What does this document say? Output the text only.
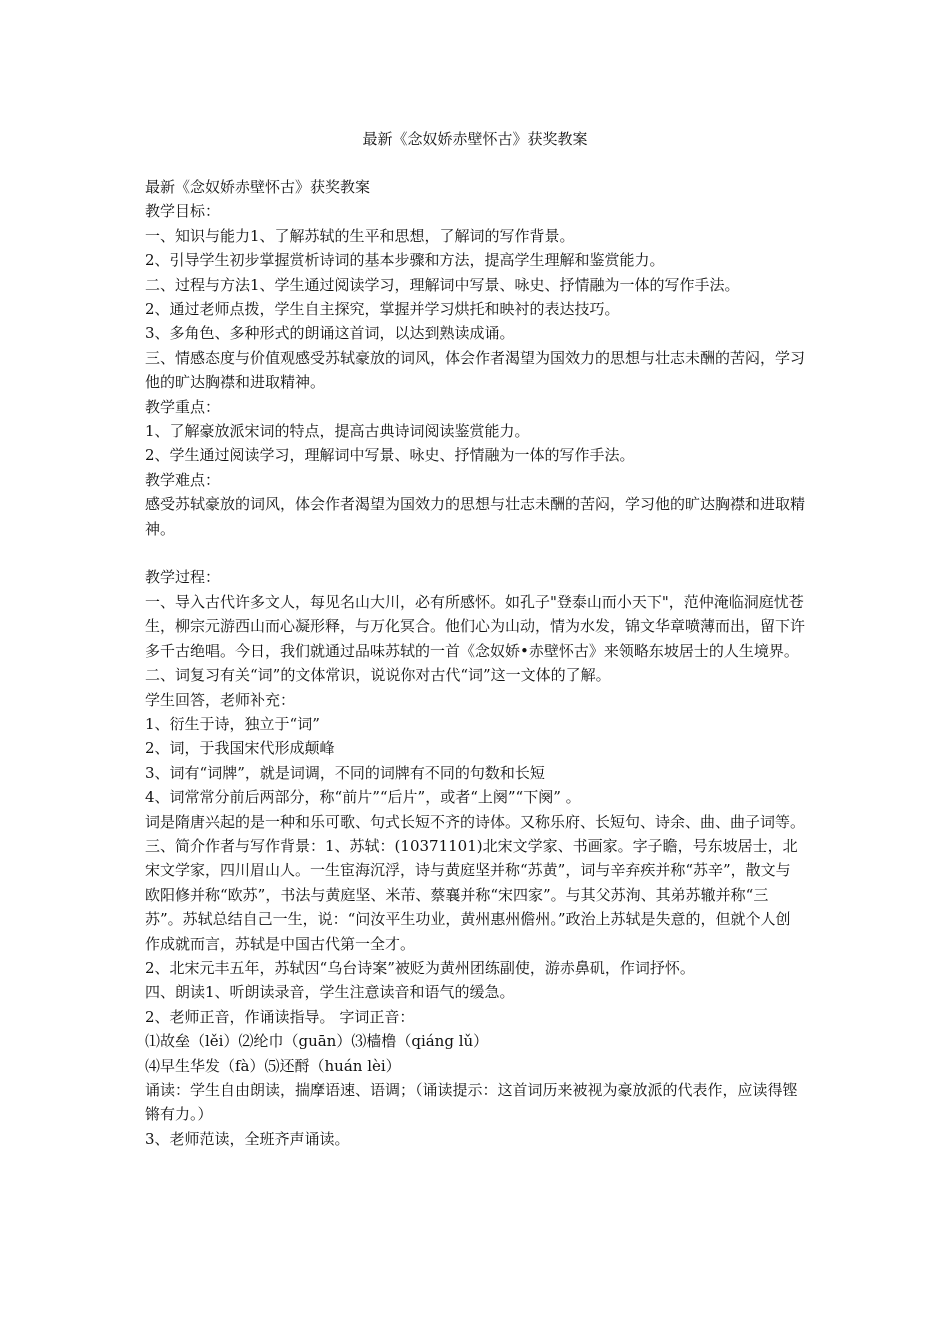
最新《念奴娇赤壁怀古》获奖教案

最新《念奴娇赤壁怀古》获奖教案

教学目标：

一、知识与能力1、了解苏轼的生平和思想，了解词的写作背景。

2、引导学生初步掌握赏析诗词的基本步骤和方法，提高学生理解和鉴赏能力。

二、过程与方法1、学生通过阅读学习，理解词中写景、咏史、抒情融为一体的写作手法。

2、通过老师点拨，学生自主探究，掌握并学习烘托和映衬的表达技巧。

3、多角色、多种形式的朗诵这首词，以达到熟读成诵。

三、情感态度与价值观感受苏轼豪放的词风，体会作者渴望为国效力的思想与壮志未酬的苦闷，学习他的旷达胸襟和进取精神。

教学重点：

1、了解豪放派宋词的特点，提高古典诗词阅读鉴赏能力。

2、学生通过阅读学习，理解词中写景、咏史、抒情融为一体的写作手法。

教学难点：

感受苏轼豪放的词风，体会作者渴望为国效力的思想与壮志未酬的苦闷，学习他的旷达胸襟和进取精神。

教学过程：

一、导入古代许多文人，每见名山大川，必有所感怀。如孔子"登泰山而小天下"，范仲淹临洞庭忧苍生，柳宗元游西山而心凝形释，与万化冥合。他们心为山动，情为水发，锦文华章喷薄而出，留下许多千古绝唱。今日，我们就通过品味苏轼的一首《念奴娇•赤壁怀古》来领略东坡居士的人生境界。

二、词复习有关“词”的文体常识，说说你对古代“词”这一文体的了解。

学生回答，老师补充：

1、衍生于诗，独立于“词”

2、词，于我国宋代形成颠峰

3、词有“词牌”，就是词调，不同的词牌有不同的句数和长短

4、词常常分前后两部分，称“前片”“后片”，或者“上阕”“下阕” 。

词是隋唐兴起的是一种和乐可歌、句式长短不齐的诗体。又称乐府、长短句、诗余、曲、曲子词等。

三、简介作者与写作背景：1、苏轼：(10371101)北宋文学家、书画家。字子瞻，号东坡居士，北宋文学家，四川眉山人。一生宦海沉浮，诗与黄庭坚并称“苏黄”，词与辛弃疾并称“苏辛”，散文与欧阳修并称“欧苏”，书法与黄庭坚、米芾、蔡襄并称“宋四家”。与其父苏洵、其弟苏辙并称“三苏”。苏轼总结自己一生，说：“问汝平生功业，黄州惠州儋州。”政治上苏轼是失意的，但就个人创作成就而言，苏轼是中国古代第一全才。

2、北宋元丰五年，苏轼因“乌台诗案”被贬为黄州团练副使，游赤鼻矶，作词抒怀。

四、朗读1、听朗读录音，学生注意读音和语气的缓急。

2、老师正音，作诵读指导。 字词正音：

⑴故垒（lěi）⑵纶巾（guān）⑶樯橹（qiáng lǔ）

⑷早生华发（fà）⑸还酹（huán lèi）

诵读：学生自由朗读，揣摩语速、语调；（诵读提示：这首词历来被视为豪放派的代表作，应读得铿锵有力。）

3、老师范读，全班齐声诵读。
